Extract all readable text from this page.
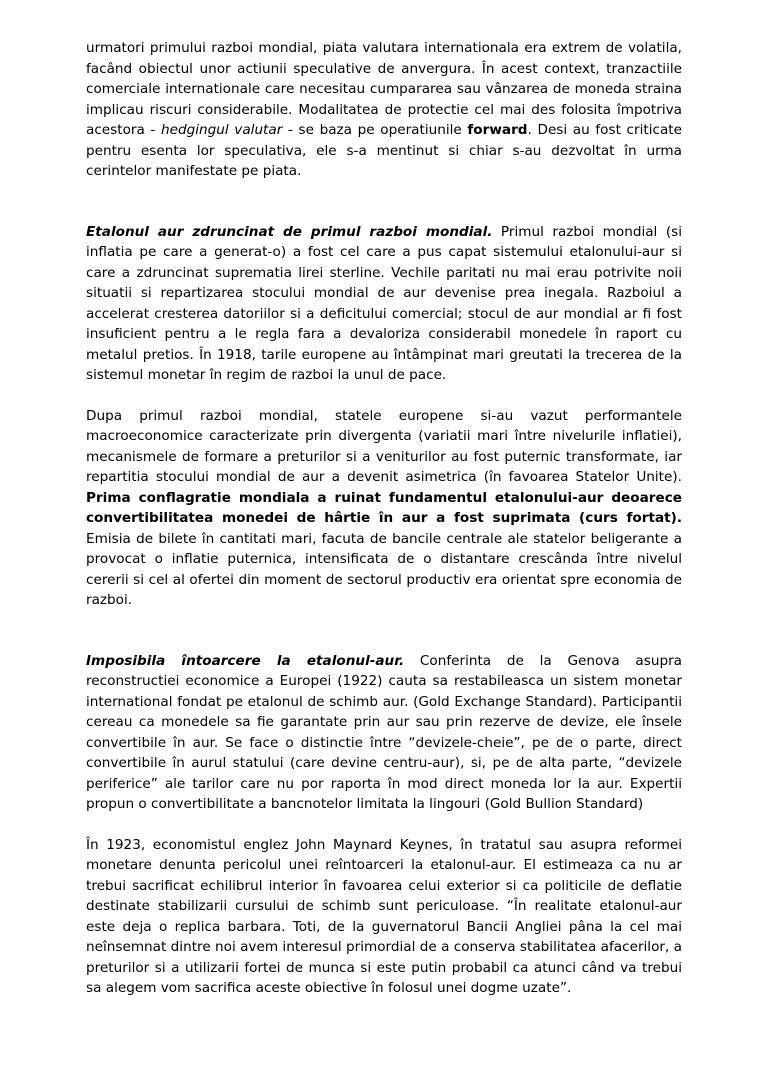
urmatori primului razboi mondial, piata valutara internationala era extrem de volatila, facând obiectul unor actiunii speculative de anvergura. În acest context, tranzactiile comerciale internationale care necesitau cumpararea sau vânzarea de moneda straina implicau riscuri considerabile. Modalitatea de protectie cel mai des folosita împotriva acestora - hedgingul valutar - se baza pe operatiunile forward. Desi au fost criticate pentru esenta lor speculativa, ele s-a mentinut si chiar s-au dezvoltat în urma cerintelor manifestate pe piata.

Etalonul aur zdruncinat de primul razboi mondial. Primul razboi mondial (si inflatia pe care a generat-o) a fost cel care a pus capat sistemului etalonului-aur si care a zdruncinat suprematia lirei sterline. Vechile paritati nu mai erau potrivite noii situatii si repartizarea stocului mondial de aur devenise prea inegala. Razboiul a accelerat cresterea datoriilor si a deficitului comercial; stocul de aur mondial ar fi fost insuficient pentru a le regla fara a devaloriza considerabil monedele în raport cu metalul pretios. În 1918, tarile europene au întâmpinat mari greutati la trecerea de la sistemul monetar în regim de razboi la unul de pace.

Dupa primul razboi mondial, statele europene si-au vazut performantele macroeconomice caracterizate prin divergenta (variatii mari între nivelurile inflatiei), mecanismele de formare a preturilor si a veniturilor au fost puternic transformate, iar repartitia stocului mondial de aur a devenit asimetrica (în favoarea Statelor Unite). Prima conflagratie mondiala a ruinat fundamentul etalonului-aur deoarece convertibilitatea monedei de hârtie în aur a fost suprimata (curs fortat). Emisia de bilete în cantitati mari, facuta de bancile centrale ale statelor beligerante a provocat o inflatie puternica, intensificata de o distantare crescânda între nivelul cererii si cel al ofertei din moment de sectorul productiv era orientat spre economia de razboi.

Imposibila întoarcere la etalonul-aur. Conferinta de la Genova asupra reconstructiei economice a Europei (1922) cauta sa restabileasca un sistem monetar international fondat pe etalonul de schimb aur. (Gold Exchange Standard). Participantii cereau ca monedele sa fie garantate prin aur sau prin rezerve de devize, ele însele convertibile în aur. Se face o distinctie între “devizele-cheie”, pe de o parte, direct convertibile în aurul statului (care devine centru-aur), si, pe de alta parte, “devizele periferice” ale tarilor care nu por raporta în mod direct moneda lor la aur. Expertii propun o convertibilitate a bancnotelor limitata la lingouri (Gold Bullion Standard)

În 1923, economistul englez John Maynard Keynes, în tratatul sau asupra reformei monetare denunta pericolul unei reîntoarceri la etalonul-aur. El estimeaza ca nu ar trebui sacrificat echilibrul interior în favoarea celui exterior si ca politicile de deflatie destinate stabilizarii cursului de schimb sunt periculoase. “În realitate etalonul-aur este deja o replica barbara. Toti, de la guvernatorul Bancii Angliei pâna la cel mai neînsemnat dintre noi avem interesul primordial de a conserva stabilitatea afacerilor, a preturilor si a utilizarii fortei de munca si este putin probabil ca atunci când va trebui sa alegem vom sacrifica aceste obiective în folosul unei dogme uzate”.
